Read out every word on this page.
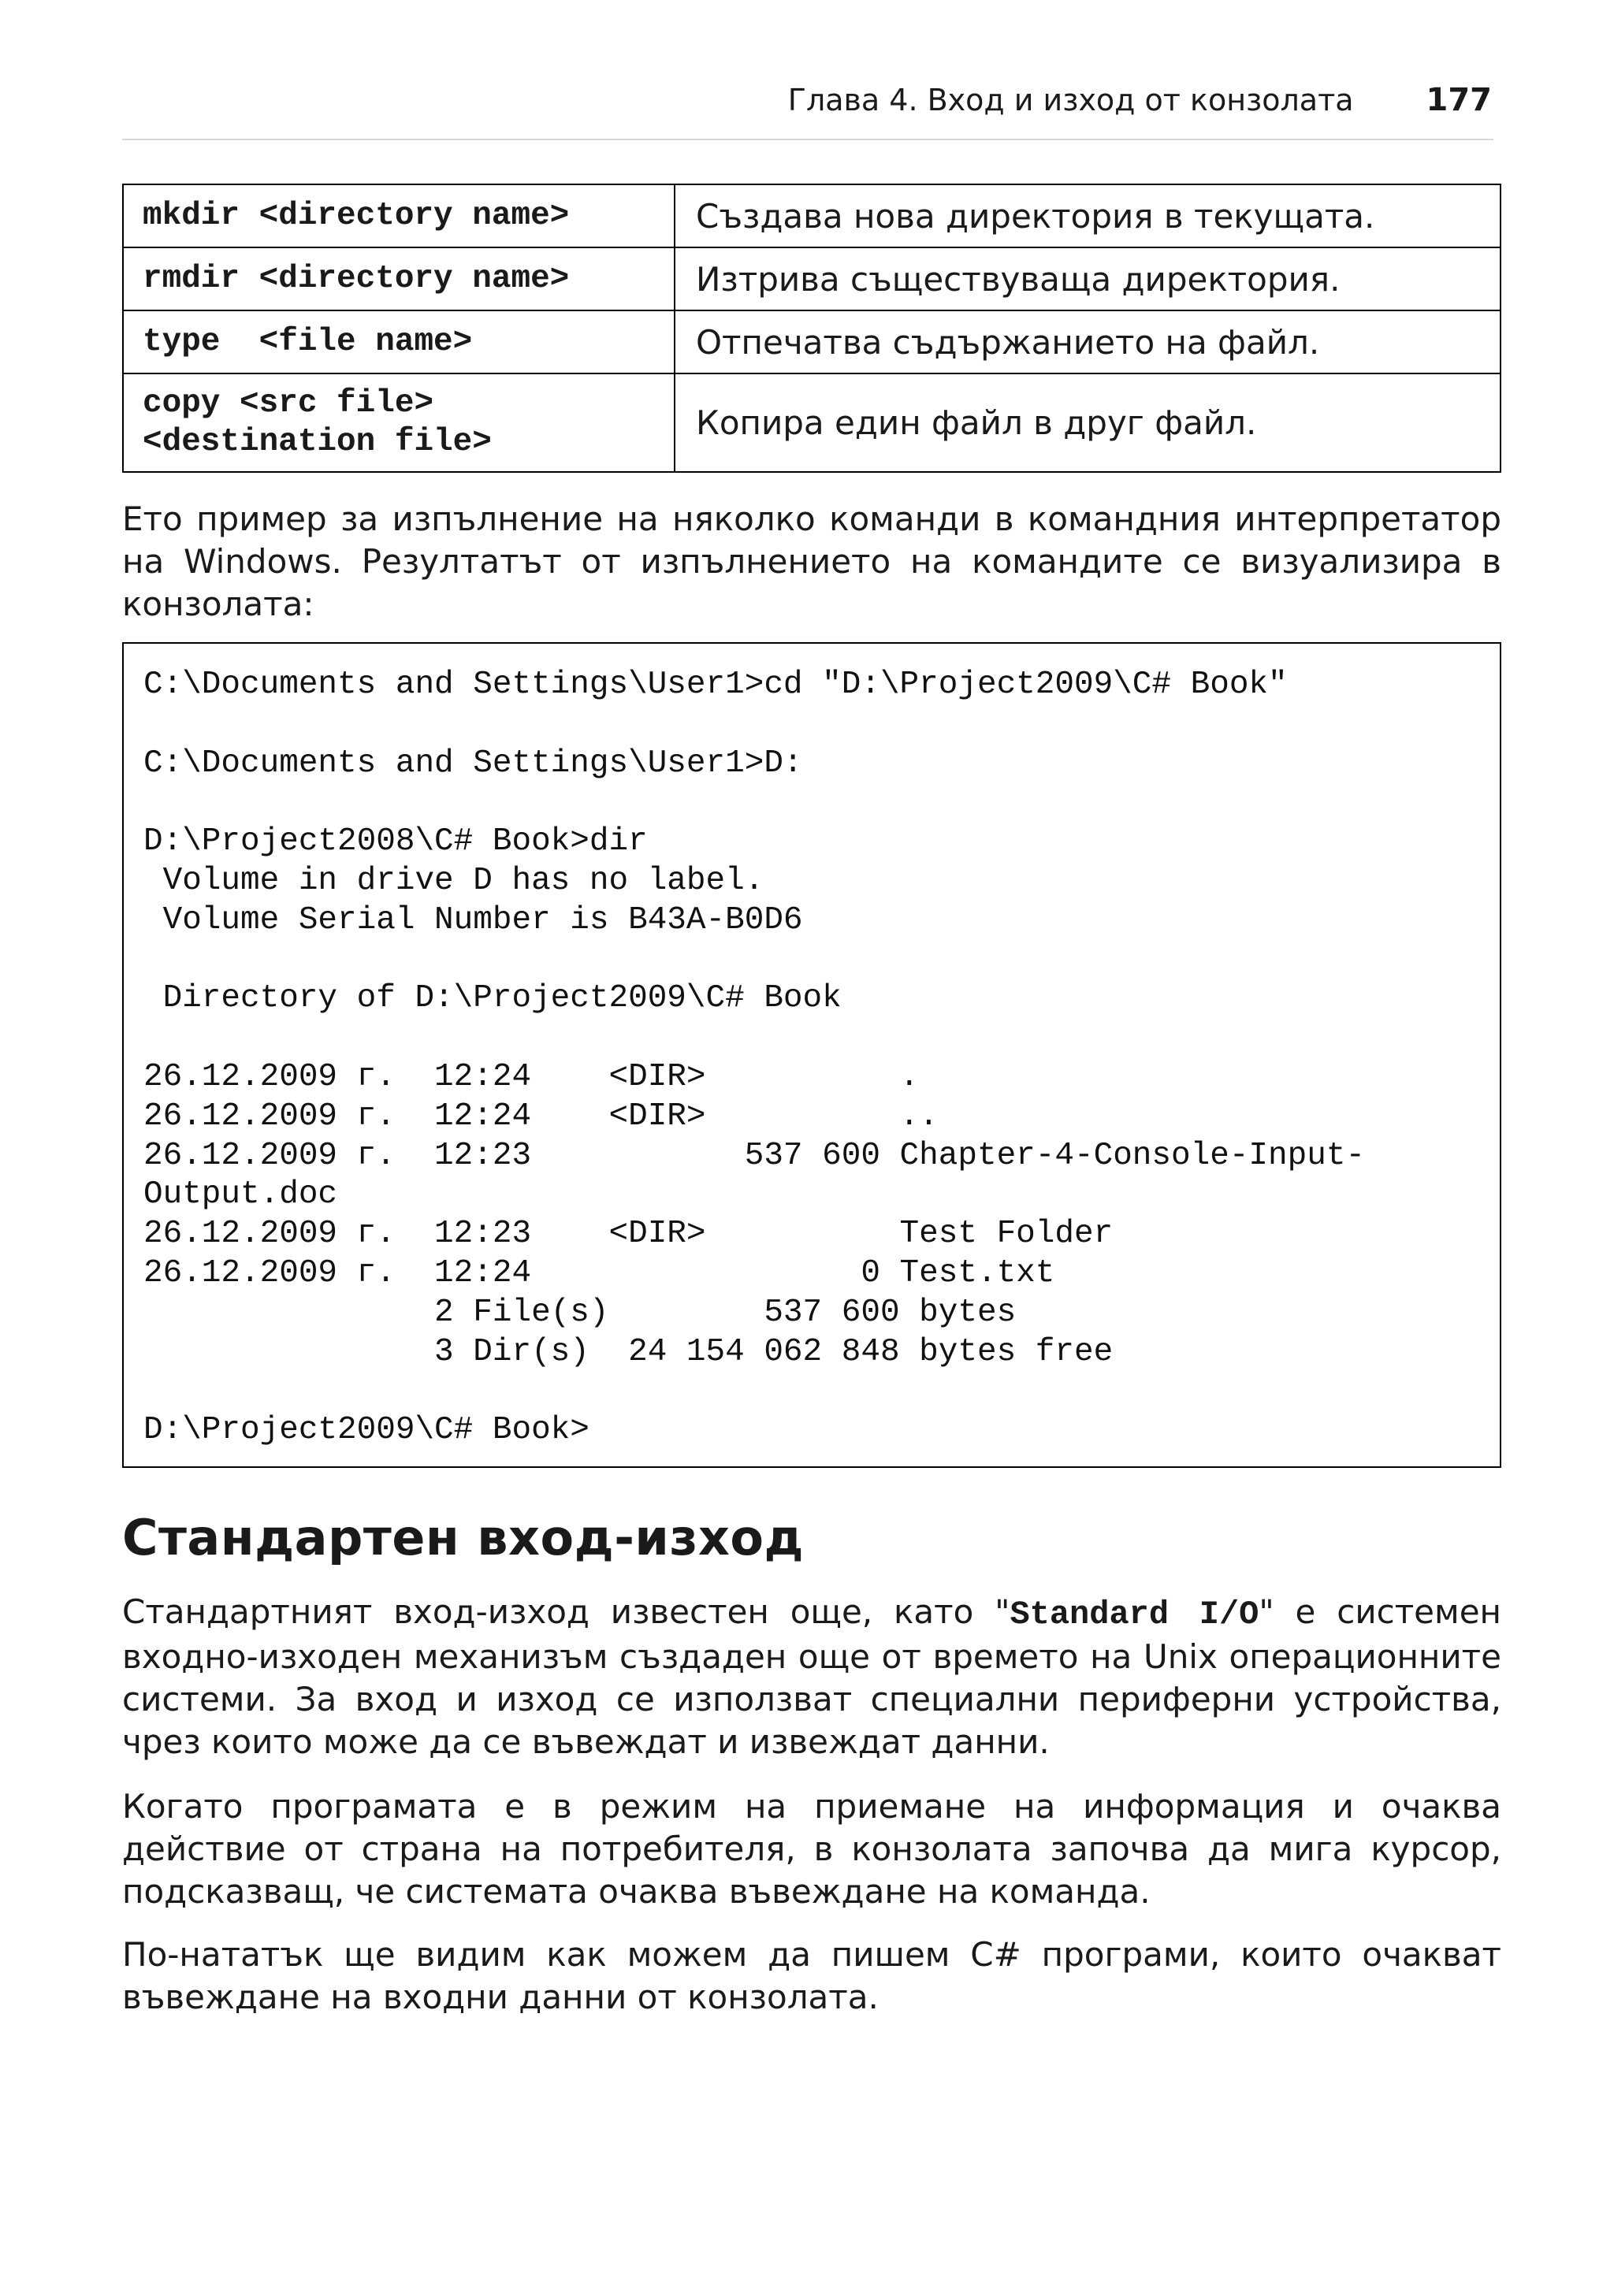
Глава 4. Вход и изход от конзолата 177
mkdir <directory name>	Създава нова директория в текущата.
rmdir <directory name>	Изтрива съществуваща директория.
type  <file name>	Отпечатва съдържанието на файл.
copy <src file>
<destination file>	Копира един файл в друг файл.

Ето пример за изпълнение на няколко команди в командния интерпретатор на Windows. Резултатът от изпълнението на командите се визуализира в конзолата:

C:\Documents and Settings\User1>cd "D:\Project2009\C# Book"

C:\Documents and Settings\User1>D:

D:\Project2008\C# Book>dir
Volume in drive D has no label.
Volume Serial Number is B43A-B0D6

Directory of D:\Project2009\C# Book

26.12.2009 г.  12:24    <DIR>          .
26.12.2009 г.  12:24    <DIR>          ..
26.12.2009 г.  12:23           537 600 Chapter-4-Console-Input-
Output.doc
26.12.2009 г.  12:23    <DIR>          Test Folder
26.12.2009 г.  12:24                 0 Test.txt
2 File(s)        537 600 bytes
3 Dir(s)  24 154 062 848 bytes free

D:\Project2009\C# Book>
Стандартен вход-изход

Стандартният вход-изход известен още, като "Standard I/O" е системен входно-изходен механизъм създаден още от времето на Unix операционните системи. За вход и изход се използват специални периферни устройства, чрез които може да се въвеждат и извеждат данни.

Когато програмата е в режим на приемане на информация и очаква действие от страна на потребителя, в конзолата започва да мига курсор, подсказващ, че системата очаква въвеждане на команда.

По-нататък ще видим как можем да пишем C# програми, които очакват въвеждане на входни данни от конзолата.
